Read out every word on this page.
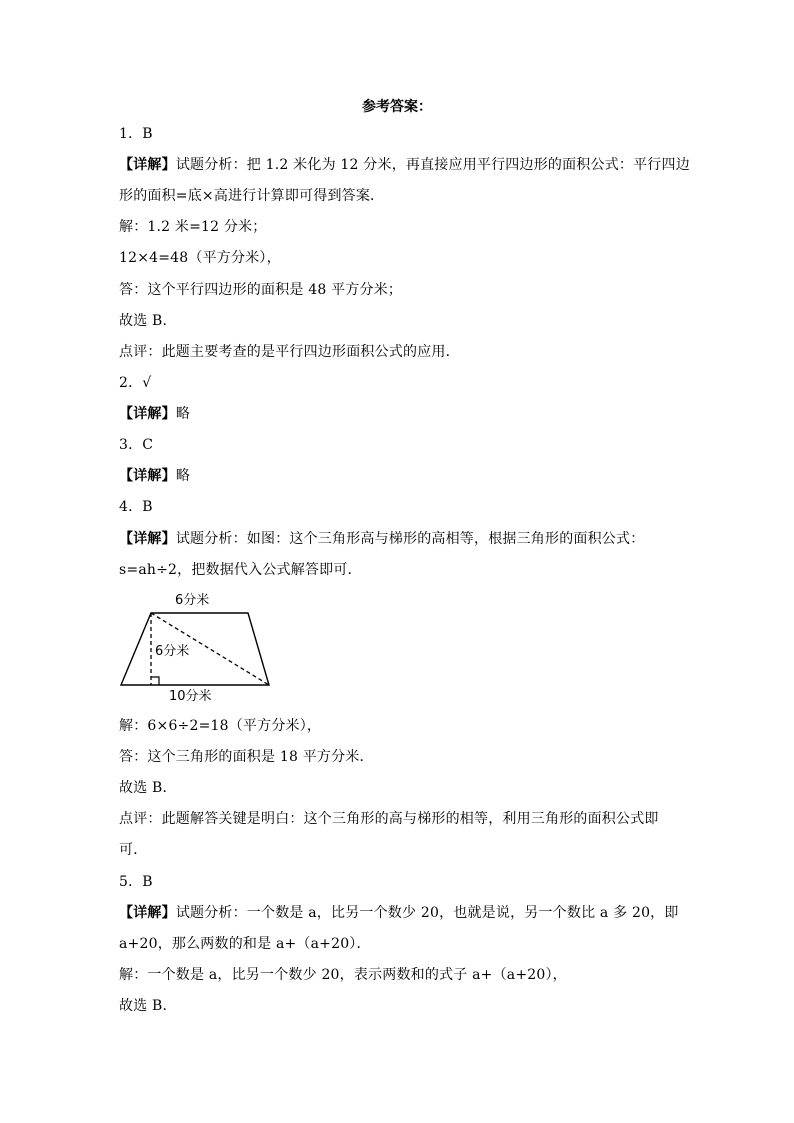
参考答案：
1．B
【详解】试题分析：把 1.2 米化为 12 分米，再直接应用平行四边形的面积公式：平行四边
形的面积=底×高进行计算即可得到答案．
解：1.2 米=12 分米；
12×4=48（平方分米），
答：这个平行四边形的面积是 48 平方分米；
故选 B．
点评：此题主要考查的是平行四边形面积公式的应用．
2．√
【详解】略
3．C
【详解】略
4．B
【详解】试题分析：如图：这个三角形高与梯形的高相等，根据三角形的面积公式：
s=ah÷2，把数据代入公式解答即可．
6分米
6分米
10分米
解：6×6÷2=18（平方分米），
答：这个三角形的面积是 18 平方分米．
故选 B．
点评：此题解答关键是明白：这个三角形的高与梯形的相等，利用三角形的面积公式即
可．
5．B
【详解】试题分析：一个数是 a，比另一个数少 20，也就是说，另一个数比 a 多 20，即
a+20，那么两数的和是 a+（a+20）．
解：一个数是 a，比另一个数少 20，表示两数和的式子 a+（a+20），
故选 B．
